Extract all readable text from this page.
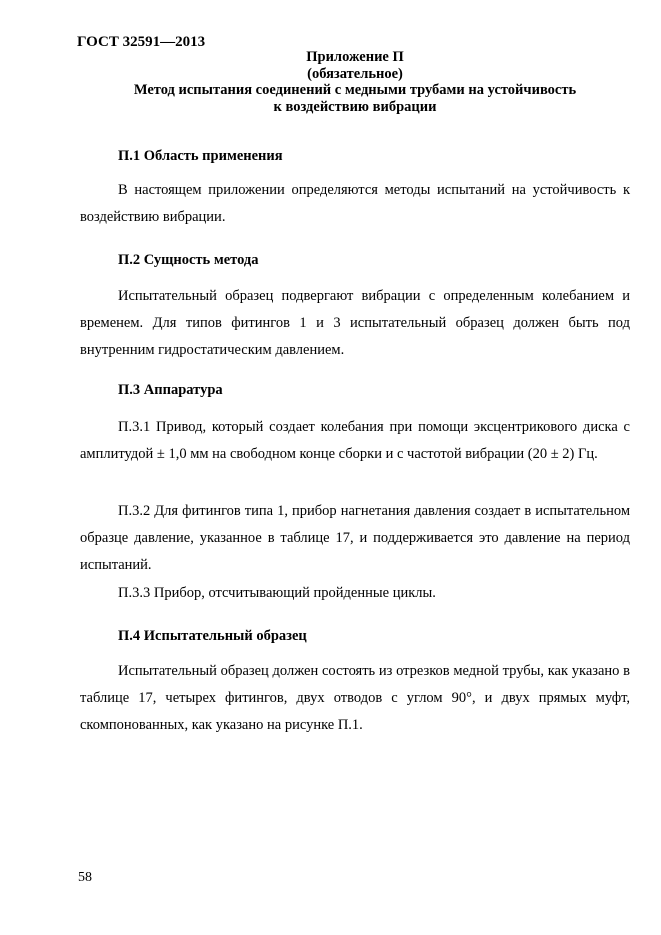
ГОСТ 32591—2013
Приложение П
(обязательное)
Метод испытания соединений с медными трубами на устойчивость
к воздействию вибрации
П.1 Область применения
В настоящем приложении определяются методы испытаний на устойчивость к воздействию вибрации.
П.2 Сущность метода
Испытательный образец подвергают вибрации с определенным колебанием и временем. Для типов фитингов 1 и 3 испытательный образец должен быть под внутренним гидростатическим давлением.
П.3 Аппаратура
П.3.1 Привод, который создает колебания при помощи эксцентрикового диска с амплитудой ± 1,0 мм на свободном конце сборки и с частотой вибрации (20 ± 2) Гц.
П.3.2 Для фитингов типа 1, прибор нагнетания давления создает в испытательном образце давление, указанное в таблице 17, и поддерживается это давление на период испытаний.
П.3.3 Прибор, отсчитывающий пройденные циклы.
П.4 Испытательный образец
Испытательный образец должен состоять из отрезков медной трубы, как указано в таблице 17, четырех фитингов, двух отводов с углом 90°, и двух прямых муфт, скомпонованных, как указано на рисунке П.1.
58
